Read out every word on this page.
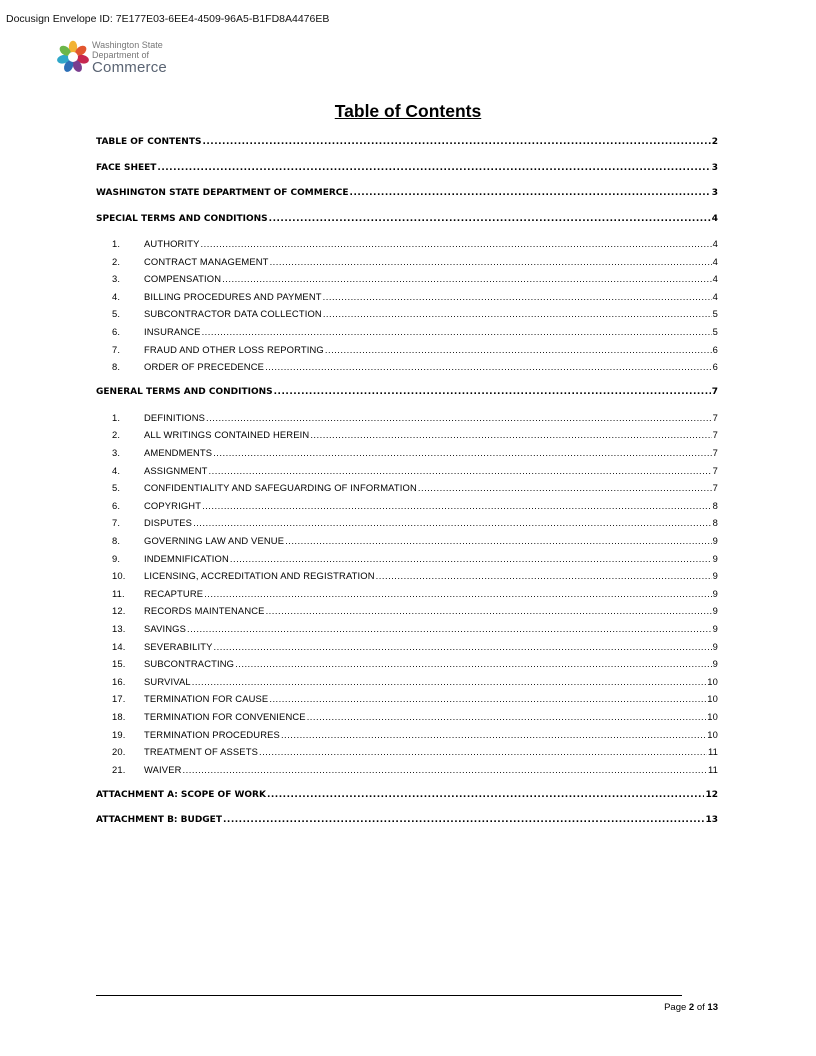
Docusign Envelope ID: 7E177E03-6EE4-4509-96A5-B1FD8A4476EB
Washington State
Department of
Commerce
Table of Contents
TABLE OF CONTENTS .....	2
FACE SHEET .....	3
WASHINGTON STATE DEPARTMENT OF COMMERCE .....	3
SPECIAL TERMS AND CONDITIONS .....	4
1.	AUTHORITY .....	4
2.	CONTRACT MANAGEMENT .....	4
3.	COMPENSATION .....	4
4.	BILLING PROCEDURES AND PAYMENT .....	4
5.	SUBCONTRACTOR DATA COLLECTION .....	5
6.	INSURANCE .....	5
7.	FRAUD AND OTHER LOSS REPORTING .....	6
8.	ORDER OF PRECEDENCE .....	6
GENERAL TERMS AND CONDITIONS .....	7
1.	DEFINITIONS .....	7
2.	ALL WRITINGS CONTAINED HEREIN .....	7
3.	AMENDMENTS .....	7
4.	ASSIGNMENT .....	7
5.	CONFIDENTIALITY AND SAFEGUARDING OF INFORMATION .....	7
6.	COPYRIGHT .....	8
7.	DISPUTES .....	8
8.	GOVERNING LAW AND VENUE .....	9
9.	INDEMNIFICATION .....	9
10.	LICENSING, ACCREDITATION AND REGISTRATION .....	9
11.	RECAPTURE .....	9
12.	RECORDS MAINTENANCE .....	9
13.	SAVINGS .....	9
14.	SEVERABILITY .....	9
15.	SUBCONTRACTING .....	9
16.	SURVIVAL .....	10
17.	TERMINATION FOR CAUSE .....	10
18.	TERMINATION FOR CONVENIENCE .....	10
19.	TERMINATION PROCEDURES .....	10
20.	TREATMENT OF ASSETS .....	11
21.	WAIVER .....	11
ATTACHMENT A: SCOPE OF WORK .....	12
ATTACHMENT B: BUDGET .....	13
Page 2 of 13
